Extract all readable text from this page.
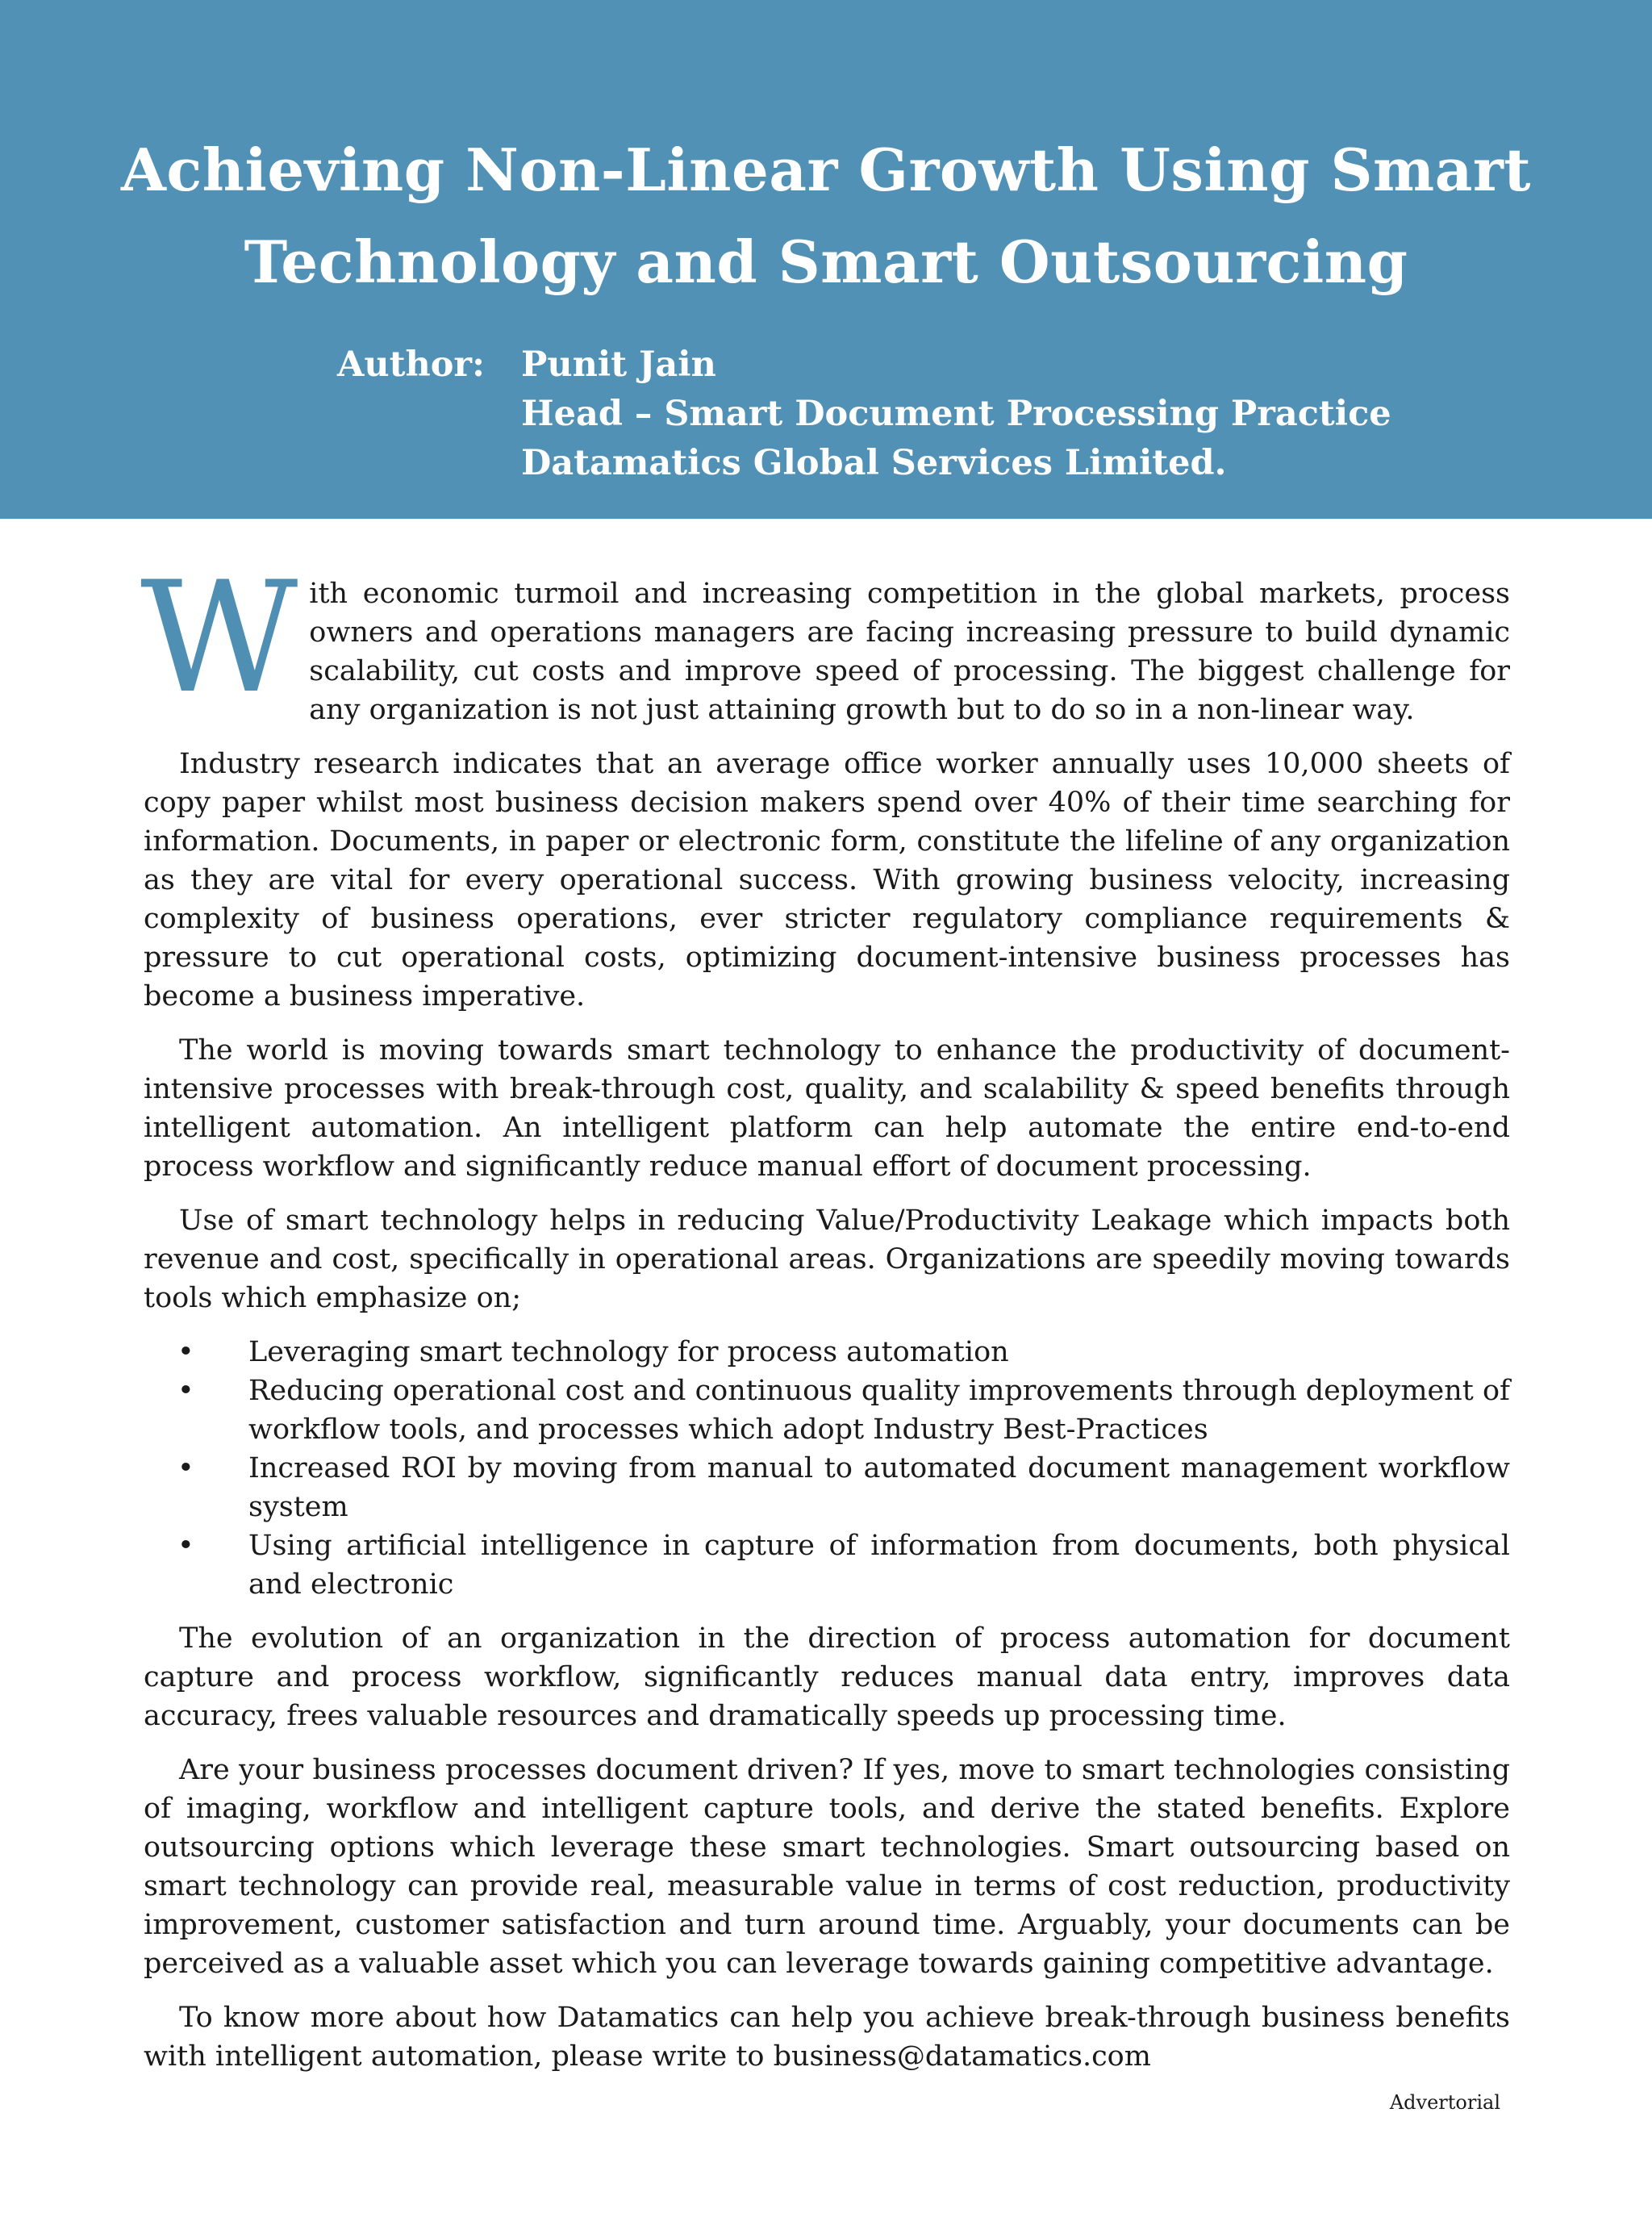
Achieving Non-Linear Growth Using Smart Technology and Smart Outsourcing
Author:	Punit Jain
Head – Smart Document Processing Practice
Datamatics Global Services Limited.

With economic turmoil and increasing competition in the global markets, process owners and operations managers are facing increasing pressure to build dynamic scalability, cut costs and improve speed of processing. The biggest challenge for any organization is not just attaining growth but to do so in a non-linear way.

Industry research indicates that an average office worker annually uses 10,000 sheets of copy paper whilst most business decision makers spend over 40% of their time searching for information. Documents, in paper or electronic form, constitute the lifeline of any organization as they are vital for every operational success. With growing business velocity, increasing complexity of business operations, ever stricter regulatory compliance requirements & pressure to cut operational costs, optimizing document-intensive business processes has become a business imperative.

The world is moving towards smart technology to enhance the productivity of document-intensive processes with break-through cost, quality, and scalability & speed benefits through intelligent automation. An intelligent platform can help automate the entire end-to-end process workflow and significantly reduce manual effort of document processing.

Use of smart technology helps in reducing Value/Productivity Leakage which impacts both revenue and cost, specifically in operational areas. Organizations are speedily moving towards tools which emphasize on;

• Leveraging smart technology for process automation
• Reducing operational cost and continuous quality improvements through deployment of workflow tools, and processes which adopt Industry Best-Practices
• Increased ROI by moving from manual to automated document management workflow system
• Using artificial intelligence in capture of information from documents, both physical and electronic

The evolution of an organization in the direction of process automation for document capture and process workflow, significantly reduces manual data entry, improves data accuracy, frees valuable resources and dramatically speeds up processing time.

Are your business processes document driven? If yes, move to smart technologies consisting of imaging, workflow and intelligent capture tools, and derive the stated benefits. Explore outsourcing options which leverage these smart technologies. Smart outsourcing based on smart technology can provide real, measurable value in terms of cost reduction, productivity improvement, customer satisfaction and turn around time. Arguably, your documents can be perceived as a valuable asset which you can leverage towards gaining competitive advantage.

To know more about how Datamatics can help you achieve break-through business benefits with intelligent automation, please write to business@datamatics.com

Advertorial
